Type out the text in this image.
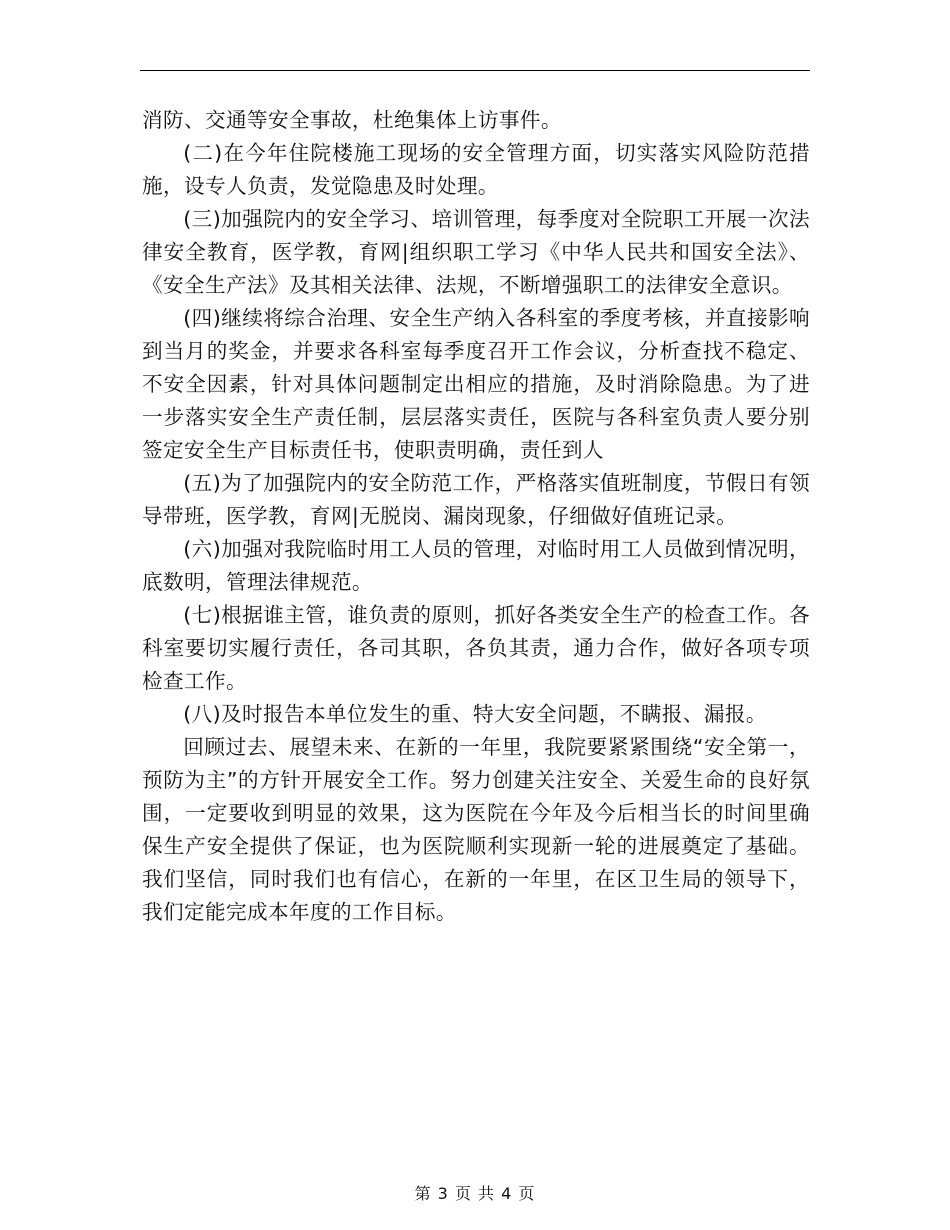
消防、交通等安全事故，杜绝集体上访事件。

(二)在今年住院楼施工现场的安全管理方面，切实落实风险防范措施，设专人负责，发觉隐患及时处理。

(三)加强院内的安全学习、培训管理，每季度对全院职工开展一次法律安全教育，医学教，育网|组织职工学习《中华人民共和国安全法》、《安全生产法》及其相关法律、法规，不断增强职工的法律安全意识。

(四)继续将综合治理、安全生产纳入各科室的季度考核，并直接影响到当月的奖金，并要求各科室每季度召开工作会议，分析查找不稳定、不安全因素，针对具体问题制定出相应的措施，及时消除隐患。为了进一步落实安全生产责任制，层层落实责任，医院与各科室负责人要分别签定安全生产目标责任书，使职责明确，责任到人

(五)为了加强院内的安全防范工作，严格落实值班制度，节假日有领导带班，医学教，育网|无脱岗、漏岗现象，仔细做好值班记录。

(六)加强对我院临时用工人员的管理，对临时用工人员做到情况明，底数明，管理法律规范。

(七)根据谁主管，谁负责的原则，抓好各类安全生产的检查工作。各科室要切实履行责任，各司其职，各负其责，通力合作，做好各项专项检查工作。

(八)及时报告本单位发生的重、特大安全问题，不瞒报、漏报。

回顾过去、展望未来、在新的一年里，我院要紧紧围绕“安全第一，预防为主”的方针开展安全工作。努力创建关注安全、关爱生命的良好氛围，一定要收到明显的效果，这为医院在今年及今后相当长的时间里确保生产安全提供了保证，也为医院顺利实现新一轮的进展奠定了基础。我们坚信，同时我们也有信心，在新的一年里，在区卫生局的领导下，我们定能完成本年度的工作目标。

第 3 页 共 4 页
